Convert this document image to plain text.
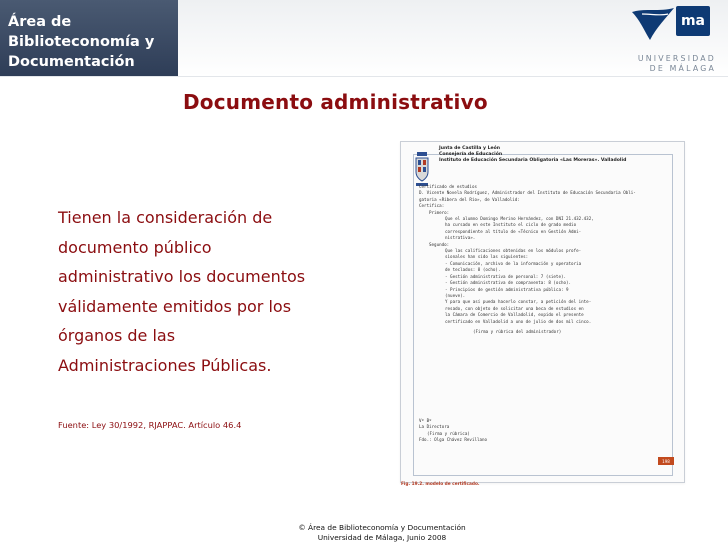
Área de Biblioteconomía y
Documentación
ma
UNIVERSIDAD
DE MÁLAGA
Documento administrativo
Tienen la consideración de
documento público
administrativo los documentos
válidamente emitidos por los
órganos de las
Administraciones Públicas.
Fuente: Ley 30/1992, RJAPPAC. Artículo 46.4
Junta de Castilla y León
Consejería de Educación
Instituto de Educación Secundaria Obligatoria «Las Moreras». Valladolid
Certificado de estudios
D. Vicente Novela Rodríguez, Administrador del Instituto de Educación Secundaria Obli-
gatoria «Ribera del Río», de Valladolid:
Certifica:
Primero:
Que el alumno Domingo Merino Hernández, con DNI 21.432.432,
ha cursado en este Instituto el ciclo de grado medio
correspondiente al título de «Técnico en Gestión Admi-
nistrativa».
Segundo:
Que las calificaciones obtenidas en los módulos profe-
sionales han sido las siguientes:
- Comunicación, archivo de la información y operatoria
de teclados: 8 (ocho).
- Gestión administrativa de personal: 7 (siete).
- Gestión administrativa de compraventa: 8 (ocho).
- Principios de gestión administrativa pública: 9
(nueve).
Y para que así pueda hacerlo constar, a petición del inte-
resado, con objeto de solicitar una beca de estudios en
la Cámara de Comercio de Valladolid, expido el presente
certificado en Valladolid a uno de julio de dos mil cinco.
(Firma y rúbrica del administrador)
Vº Bº
La Directora
(Firma y rúbrica)
Fdo.: Olga Chávez Revillano
198
Fig. 19.2. modelo de certificado.
© Área de Biblioteconomía y Documentación
Universidad de Málaga, Junio 2008
